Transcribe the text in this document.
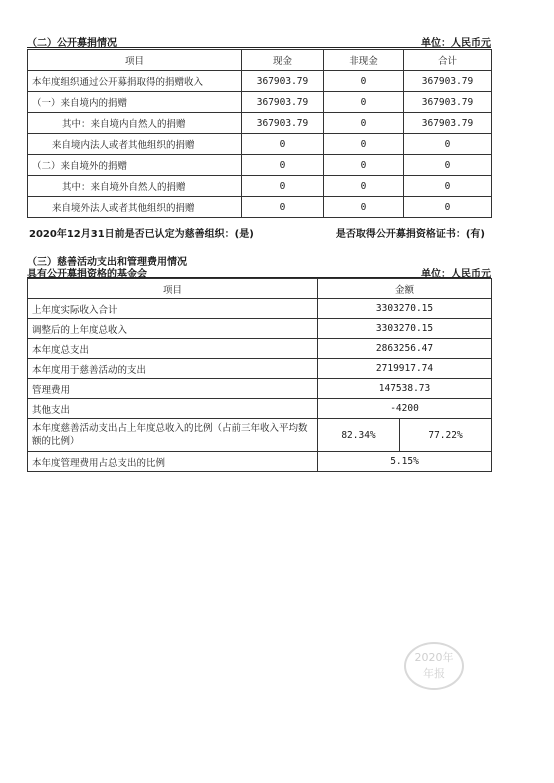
（二）公开募捐情况	单位：人民币元
项目	现金	非现金	合计
本年度组织通过公开募捐取得的捐赠收入	367903.79	0	367903.79
（一）来自境内的捐赠	367903.79	0	367903.79
其中：来自境内自然人的捐赠	367903.79	0	367903.79
来自境内法人或者其他组织的捐赠	0	0	0
（二）来自境外的捐赠	0	0	0
其中：来自境外自然人的捐赠	0	0	0
来自境外法人或者其他组织的捐赠	0	0	0
2020年12月31日前是否已认定为慈善组织：(是)	是否取得公开募捐资格证书：(有)
（三）慈善活动支出和管理费用情况
具有公开募捐资格的基金会	单位：人民币元
项目	金额	
上年度实际收入合计	3303270.15	
调整后的上年度总收入	3303270.15	
本年度总支出	2863256.47	
本年度用于慈善活动的支出	2719917.74	
管理费用	147538.73	
其他支出	-4200	
本年度慈善活动支出占上年度总收入的比例（占前三年收入平均数额的比例）	82.34%	77.22%
本年度管理费用占总支出的比例	5.15%	
2020年
年报
